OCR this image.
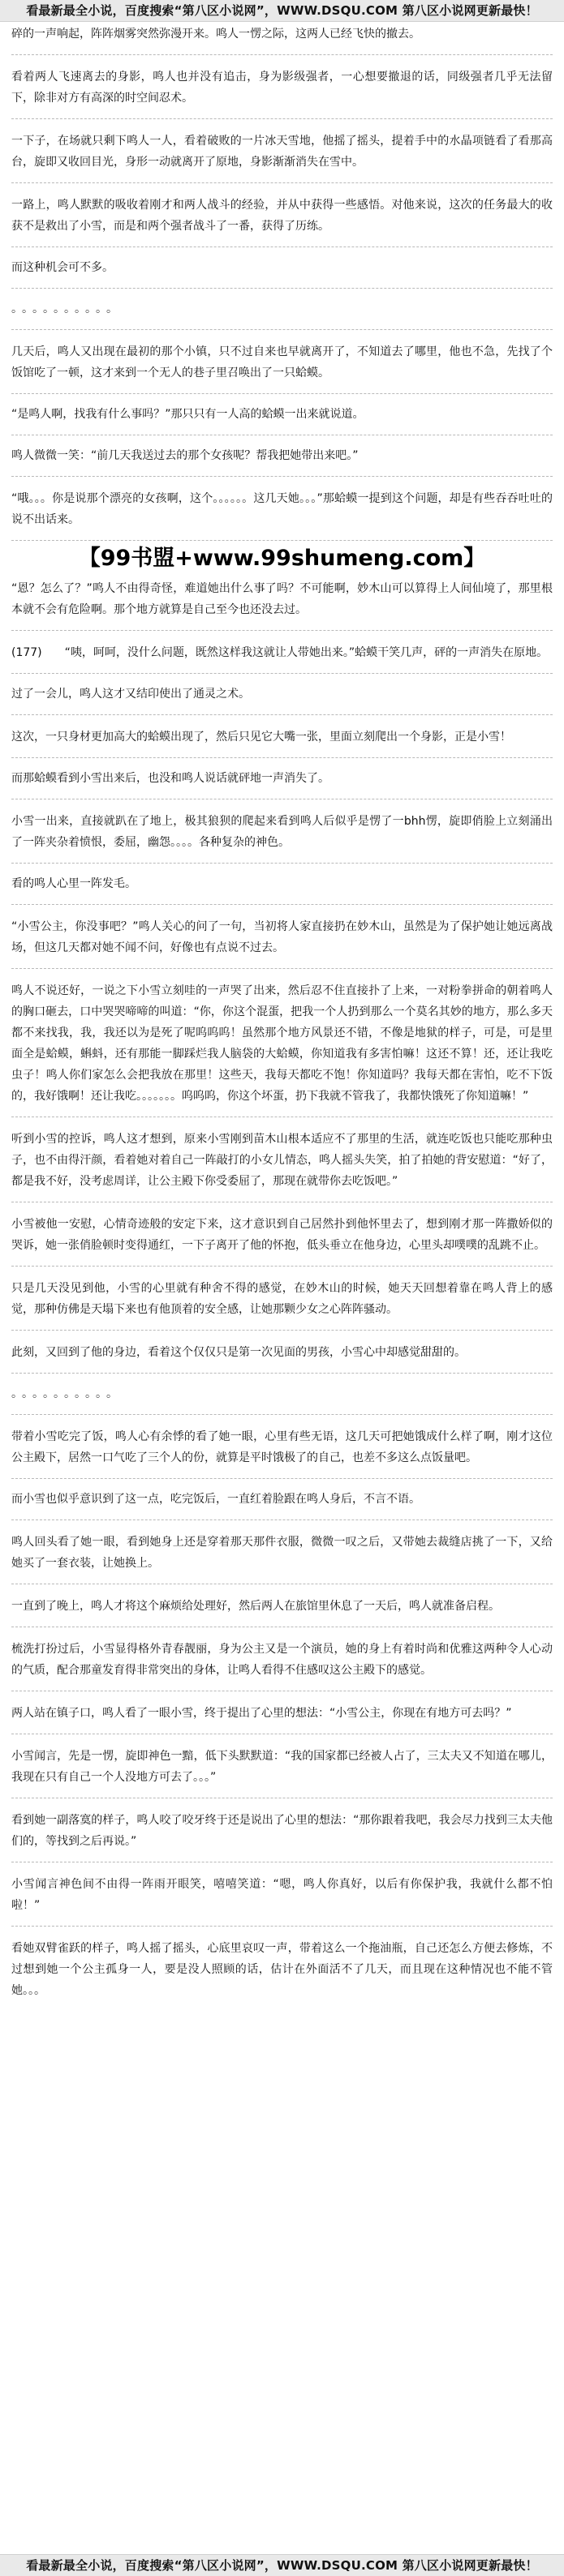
看最新最全小说，百度搜索“第八区小说网”，WWW.DSQU.COM 第八区小说网更新最快！

碎的一声响起，阵阵烟雾突然弥漫开来。鸣人一愣之际，这两人已经飞快的撤去。

看着两人飞速离去的身影，鸣人也并没有追击，身为影级强者，一心想要撤退的话，同级强者几乎无法留下，除非对方有高深的时空间忍术。

一下子，在场就只剩下鸣人一人，看着破败的一片冰天雪地，他摇了摇头，提着手中的水晶项链看了看那高台，旋即又收回目光，身形一动就离开了原地，身影渐渐消失在雪中。

一路上，鸣人默默的吸收着刚才和两人战斗的经验，并从中获得一些感悟。对他来说，这次的任务最大的收获不是救出了小雪，而是和两个强者战斗了一番，获得了历练。

而这种机会可不多。

。。。。。。。。。。

几天后，鸣人又出现在最初的那个小镇，只不过自来也早就离开了，不知道去了哪里，他也不急，先找了个饭馆吃了一顿，这才来到一个无人的巷子里召唤出了一只蛤蟆。

“是鸣人啊，找我有什么事吗？”那只只有一人高的蛤蟆一出来就说道。

鸣人微微一笑：“前几天我送过去的那个女孩呢？帮我把她带出来吧。”

“哦。。。你是说那个漂亮的女孩啊，这个。。。。。。这几天她。。。”那蛤蟆一提到这个问题，却是有些吞吞吐吐的说不出话来。

【99书盟+www.99shumeng.com】

“恩？怎么了？”鸣人不由得奇怪，难道她出什么事了吗？不可能啊，妙木山可以算得上人间仙境了，那里根本就不会有危险啊。那个地方就算是自己至今也还没去过。

(177)　　“咦，呵呵，没什么问题，既然这样我这就让人带她出来。”蛤蟆干笑几声，砰的一声消失在原地。

过了一会儿，鸣人这才又结印使出了通灵之术。

这次，一只身材更加高大的蛤蟆出现了，然后只见它大嘴一张，里面立刻爬出一个身影，正是小雪！

而那蛤蟆看到小雪出来后，也没和鸣人说话就砰地一声消失了。

小雪一出来，直接就趴在了地上，极其狼狈的爬起来看到鸣人后似乎是愣了一bhh愣，旋即俏脸上立刻涌出了一阵夹杂着愤恨，委屈，幽怨。。。。各种复杂的神色。

看的鸣人心里一阵发毛。

“小雪公主，你没事吧？”鸣人关心的问了一句，当初将人家直接扔在妙木山，虽然是为了保护她让她远离战场，但这几天都对她不闻不问，好像也有点说不过去。

鸣人不说还好，一说之下小雪立刻哇的一声哭了出来，然后忍不住直接扑了上来，一对粉拳拼命的朝着鸣人的胸口砸去，口中哭哭啼啼的叫道：“你，你这个混蛋，把我一个人扔到那么一个莫名其妙的地方，那么多天都不来找我，我，我还以为是死了呢呜呜呜！虽然那个地方风景还不错，不像是地狱的样子，可是，可是里面全是蛤蟆，蝌蚪，还有那能一脚踩烂我人脑袋的大蛤蟆，你知道我有多害怕嘛！这还不算！还，还让我吃虫子！鸣人你们家怎么会把我放在那里！这些天，我每天都吃不饱！你知道吗？我每天都在害怕，吃不下饭的，我好饿啊！还让我吃。。。。。。。呜呜呜，你这个坏蛋，扔下我就不管我了，我都快饿死了你知道嘛！”

听到小雪的控诉，鸣人这才想到，原来小雪刚到苗木山根本适应不了那里的生活，就连吃饭也只能吃那种虫子，也不由得汗颜，看着她对着自己一阵敲打的小女儿情态，鸣人摇头失笑，拍了拍她的背安慰道：“好了，都是我不好，没考虑周详，让公主殿下你受委屈了，那现在就带你去吃饭吧。”

小雪被他一安慰，心情奇迹般的安定下来，这才意识到自己居然扑到他怀里去了，想到刚才那一阵撒娇似的哭诉，她一张俏脸顿时变得通红，一下子离开了他的怀抱，低头垂立在他身边，心里头却噗噗的乱跳不止。

只是几天没见到他，小雪的心里就有种舍不得的感觉，在妙木山的时候，她天天回想着靠在鸣人背上的感觉，那种仿佛是天塌下来也有他顶着的安全感，让她那颗少女之心阵阵骚动。

此刻，又回到了他的身边，看着这个仅仅只是第一次见面的男孩，小雪心中却感觉甜甜的。

。。。。。。。。。。

带着小雪吃完了饭，鸣人心有余悸的看了她一眼，心里有些无语，这几天可把她饿成什么样了啊，刚才这位公主殿下，居然一口气吃了三个人的份，就算是平时饿极了的自己，也差不多这么点饭量吧。

而小雪也似乎意识到了这一点，吃完饭后，一直红着脸跟在鸣人身后，不言不语。

鸣人回头看了她一眼，看到她身上还是穿着那天那件衣服，微微一叹之后，又带她去裁缝店挑了一下，又给她买了一套衣装，让她换上。

一直到了晚上，鸣人才将这个麻烦给处理好，然后两人在旅馆里休息了一天后，鸣人就准备启程。

梳洗打扮过后，小雪显得格外青春靓丽，身为公主又是一个演员，她的身上有着时尚和优雅这两种令人心动的气质，配合那童发育得非常突出的身体，让鸣人看得不住感叹这公主殿下的感觉。

两人站在镇子口，鸣人看了一眼小雪，终于提出了心里的想法：“小雪公主，你现在有地方可去吗？”

小雪闻言，先是一愣，旋即神色一黯，低下头默默道：“我的国家都已经被人占了，三太夫又不知道在哪儿，我现在只有自己一个人没地方可去了。。。”

看到她一副落寞的样子，鸣人咬了咬牙终于还是说出了心里的想法：“那你跟着我吧，我会尽力找到三太夫他们的，等找到之后再说。”

小雪闻言神色间不由得一阵雨开眼笑，嘻嘻笑道：“嗯，鸣人你真好，以后有你保护我，我就什么都不怕啦！”

看她双臂雀跃的样子，鸣人摇了摇头，心底里哀叹一声，带着这么一个拖油瓶，自己还怎么方便去修炼，不过想到她一个公主孤身一人，要是没人照顾的话，估计在外面活不了几天，而且现在这种情况也不能不管她。。。

看最新最全小说，百度搜索“第八区小说网”，WWW.DSQU.COM 第八区小说网更新最快！
